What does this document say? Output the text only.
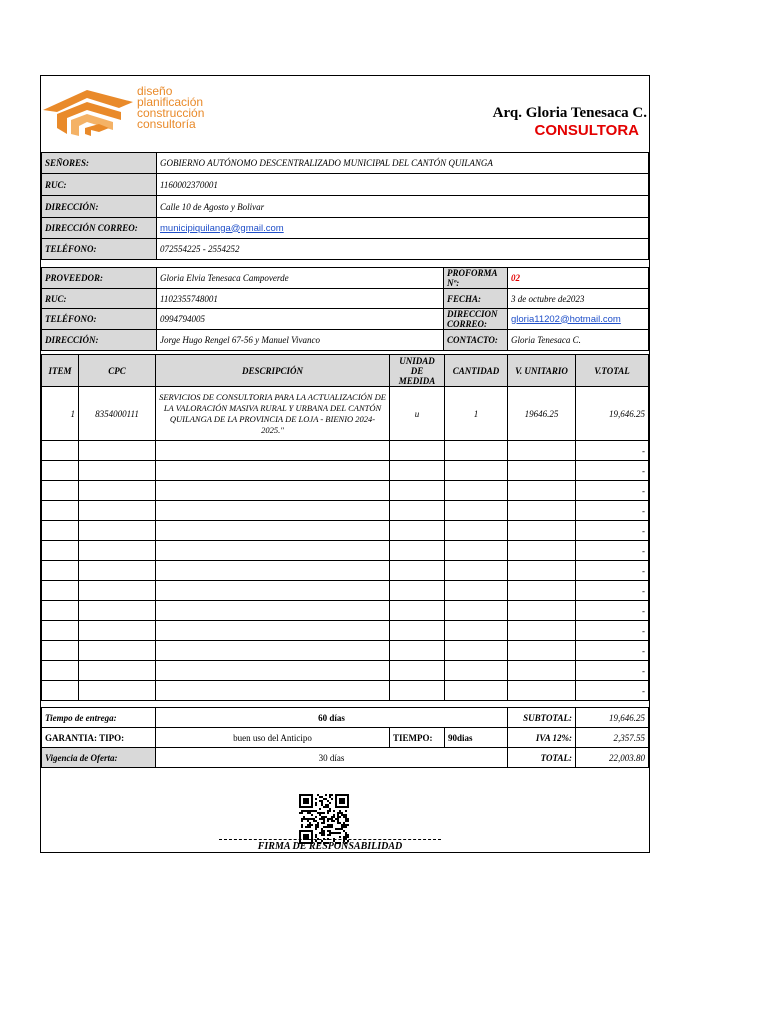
diseño
planificación
construcción
consultoría
Arq. Gloria Tenesaca C.
CONSULTORA
SEÑORES:	GOBIERNO AUTÓNOMO DESCENTRALIZADO MUNICIPAL DEL CANTÓN QUILANGA
RUC:	1160002370001
DIRECCIÓN:	Calle 10 de Agosto y Bolivar
DIRECCIÓN CORREO:	municipiquilanga@gmail.com
TELÉFONO:	072554225 - 2554252
PROVEEDOR:	Gloria Elvia Tenesaca Campoverde	PROFORMA Nº:	02
RUC:	1102355748001	FECHA:	3 de octubre de2023
TELÉFONO:	0994794005	DIRECCION CORREO:	gloria11202@hotmail.com
DIRECCIÓN:	Jorge Hugo Rengel 67-56 y Manuel Vivanco	CONTACTO:	Gloria Tenesaca C.
ITEM	CPC	DESCRIPCIÓN	UNIDAD DE MEDIDA	CANTIDAD	V. UNITARIO	V.TOTAL
1	8354000111	SERVICIOS DE CONSULTORIA PARA LA ACTUALIZACIÓN DE LA VALORACIÓN MASIVA RURAL Y URBANA DEL CANTÓN QUILANGA DE LA PROVINCIA DE LOJA - BIENIO 2024-2025."	u	1	19646.25	19,646.25
						-
						-
						-
						-
						-
						-
						-
						-
						-
						-
						-
						-
						-
Tiempo de entrega:	60 días			SUBTOTAL:	19,646.25
GARANTIA: TIPO:	buen uso del Anticipo	TIEMPO:	90dias	IVA 12%:	2,357.55
Vigencia de Oferta:	30 días			TOTAL:	22,003.80
FIRMA DE RESPONSABILIDAD
